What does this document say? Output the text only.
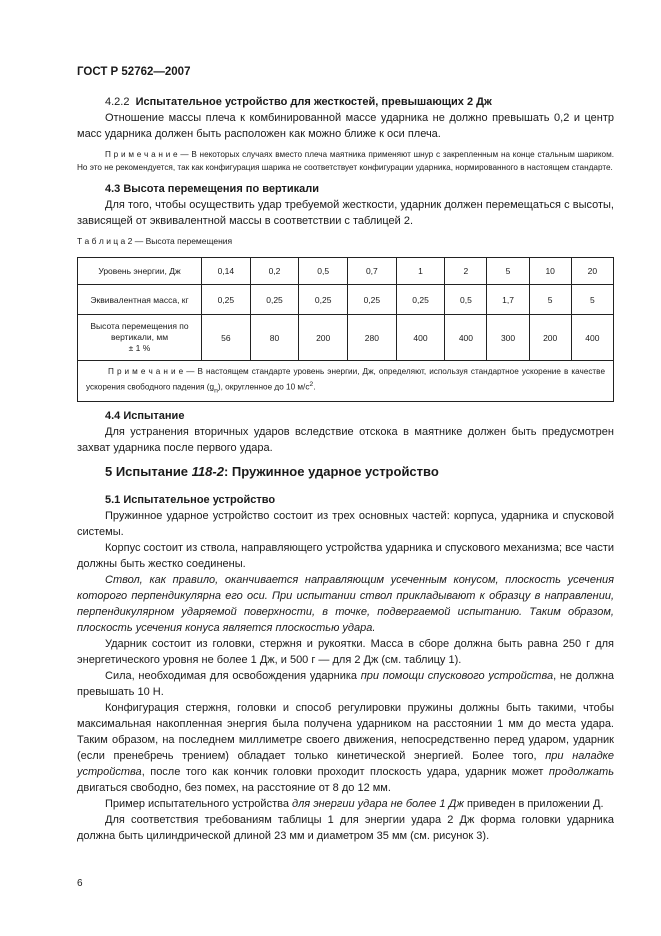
ГОСТ Р 52762—2007

4.2.2 Испытательное устройство для жесткостей, превышающих 2 Дж

Отношение массы плеча к комбинированной массе ударника не должно превышать 0,2 и центр масс ударника должен быть расположен как можно ближе к оси плеча.

П р и м е ч а н и е — В некоторых случаях вместо плеча маятника применяют шнур с закрепленным на конце стальным шариком. Но это не рекомендуется, так как конфигурация шарика не соответствует конфигурации ударника, нормированного в настоящем стандарте.

4.3 Высота перемещения по вертикали

Для того, чтобы осуществить удар требуемой жесткости, ударник должен перемещаться с высоты, зависящей от эквивалентной массы в соответствии с таблицей 2.

Т а б л и ц а 2 — Высота перемещения
Уровень энергии, Дж	0,14	0,2	0,5	0,7	1	2	5	10	20
Эквивалентная масса, кг	0,25	0,25	0,25	0,25	0,25	0,5	1,7	5	5

Высота перемещения по
вертикали, мм
± 1 %	56	80	200	280	400	400	300	200	400
П р и м е ч а н и е — В настоящем стандарте уровень энергии, Дж, определяют, используя стандартное ускорение в качестве ускорения свободного падения $(g_n)$, округленное до 10 $м/с^2$.									

4.4 Испытание

Для устранения вторичных ударов вследствие отскока в маятнике должен быть предусмотрен захват ударника после первого удара.

5 Испытание 118-2: Пружинное ударное устройство

5.1 Испытательное устройство

Пружинное ударное устройство состоит из трех основных частей: корпуса, ударника и спусковой системы.

Корпус состоит из ствола, направляющего устройства ударника и спускового механизма; все части должны быть жестко соединены.

Ствол, как правило, оканчивается направляющим усеченным конусом, плоскость усечения которого перпендикулярна его оси. При испытании ствол прикладывают к образцу в направлении, перпендикулярном ударяемой поверхности, в точке, подвергаемой испытанию. Таким образом, плоскость усечения конуса является плоскостью удара.

Ударник состоит из головки, стержня и рукоятки. Масса в сборе должна быть равна 250 г для энергетического уровня не более 1 Дж, и 500 г — для 2 Дж (см. таблицу 1).

Сила, необходимая для освобождения ударника при помощи спускового устройства, не должна превышать 10 Н.

Конфигурация стержня, головки и способ регулировки пружины должны быть такими, чтобы максимальная накопленная энергия была получена ударником на расстоянии 1 мм до места удара. Таким образом, на последнем миллиметре своего движения, непосредственно перед ударом, ударник (если пренебречь трением) обладает только кинетической энергией. Более того, при наладке устройства, после того как кончик головки проходит плоскость удара, ударник может продолжать двигаться свободно, без помех, на расстояние от 8 до 12 мм.

Пример испытательного устройства для энергии удара не более 1 Дж приведен в приложении Д.

Для соответствия требованиям таблицы 1 для энергии удара 2 Дж форма головки ударника должна быть цилиндрической длиной 23 мм и диаметром 35 мм (см. рисунок 3).

6
